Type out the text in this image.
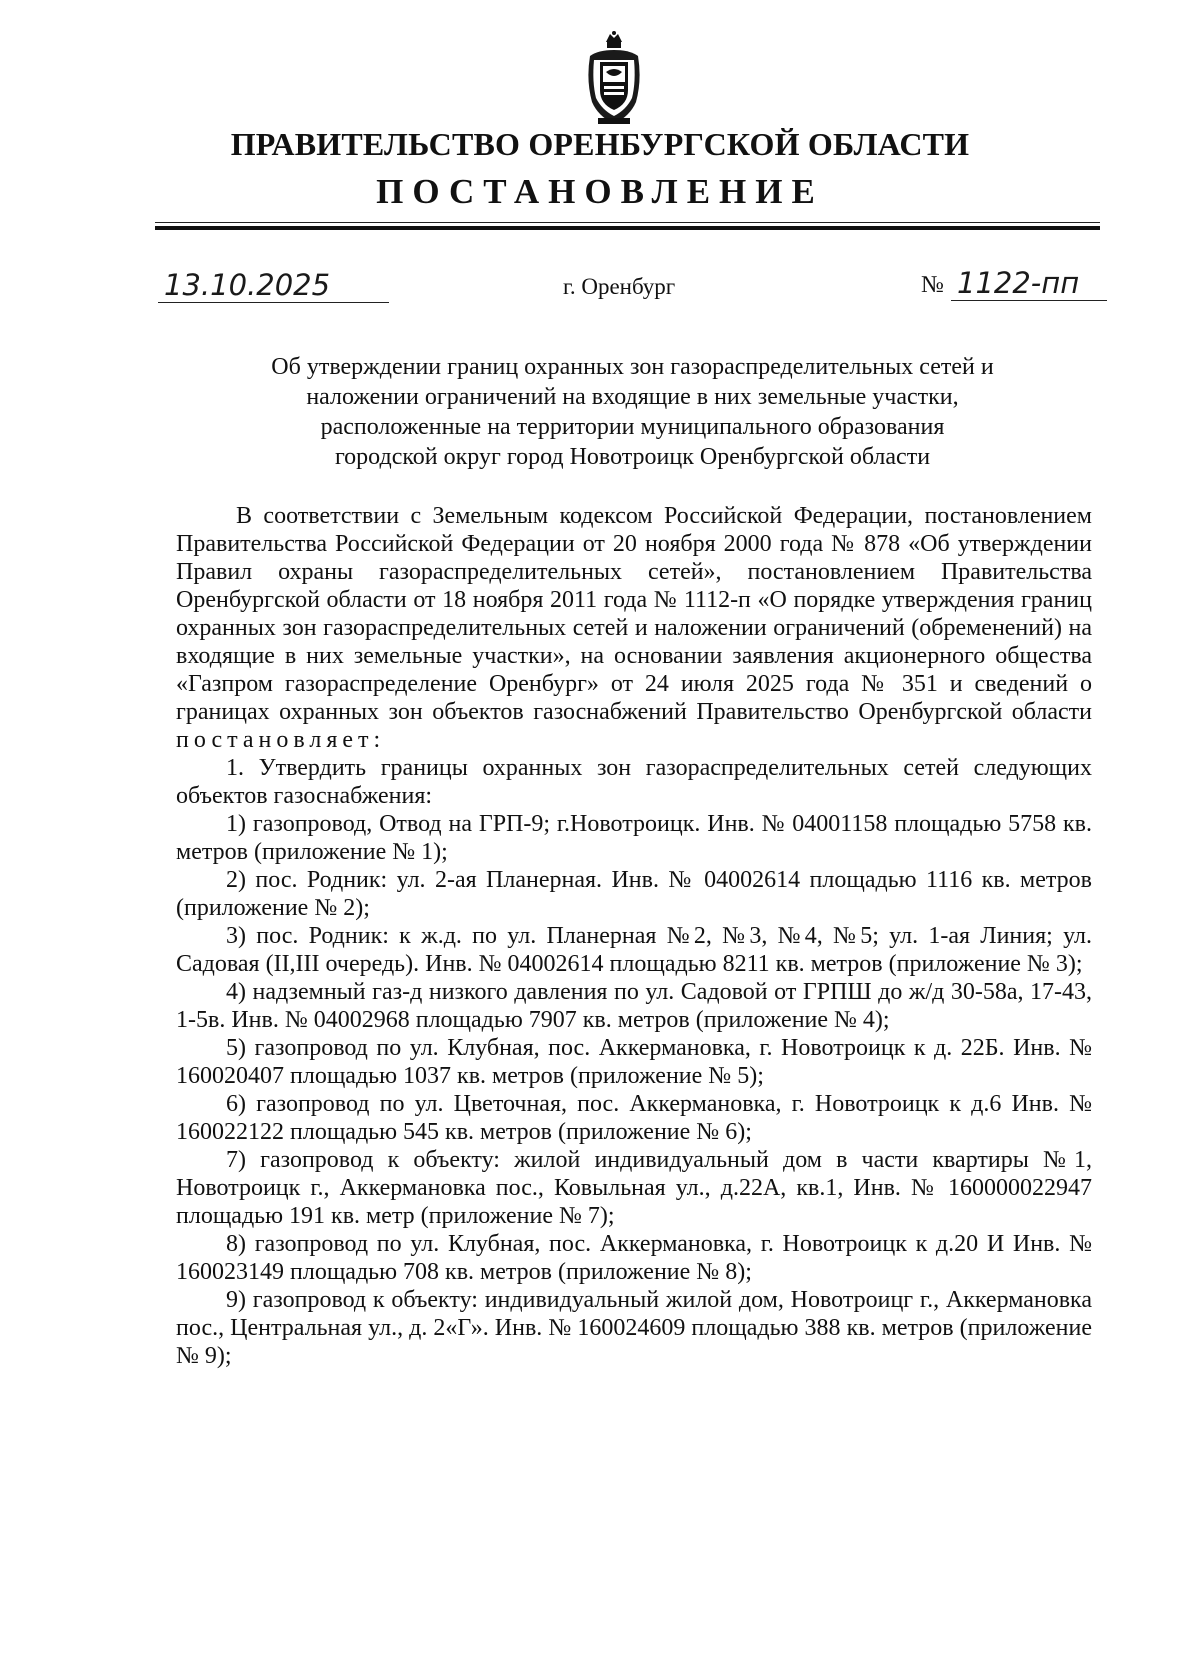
ПРАВИТЕЛЬСТВО ОРЕНБУРГСКОЙ ОБЛАСТИ
ПОСТАНОВЛЕНИЕ
13.10.2025	г. Оренбург	№ 1122-пп
Об утверждении границ охранных зон газораспределительных сетей и
наложении ограничений на входящие в них земельные участки,
расположенные на территории муниципального образования
городской округ город Новотроицк Оренбургской области

В соответствии с Земельным кодексом Российской Федерации, постановлением Правительства Российской Федерации от 20 ноября 2000 года № 878 «Об утверждении Правил охраны газораспределительных сетей», постановлением Правительства Оренбургской области от 18 ноября 2011 года № 1112-п «О порядке утверждения границ охранных зон газораспределительных сетей и наложении ограничений (обременений) на входящие в них земельные участки», на основании заявления акционерного общества «Газпром газораспределение Оренбург» от 24 июля 2025 года № 351 и сведений о границах охранных зон объектов газоснабжений Правительство Оренбургской области постановляет:

1. Утвердить границы охранных зон газораспределительных сетей следующих объектов газоснабжения:

1) газопровод, Отвод на ГРП-9; г.Новотроицк. Инв. № 04001158 площадью 5758 кв. метров (приложение № 1);

2) пос. Родник: ул. 2-ая Планерная. Инв. № 04002614 площадью 1116 кв. метров (приложение № 2);

3) пос. Родник: к ж.д. по ул. Планерная №2, №3, №4, №5; ул. 1-ая Линия; ул. Садовая (II,III очередь). Инв. № 04002614 площадью 8211 кв. метров (приложение № 3);

4) надземный газ-д низкого давления по ул. Садовой от ГРПШ до ж/д 30-58а, 17-43, 1-5в. Инв. № 04002968 площадью 7907 кв. метров (приложение № 4);

5) газопровод по ул. Клубная, пос. Аккермановка, г. Новотроицк к д. 22Б. Инв. № 160020407 площадью 1037 кв. метров (приложение № 5);

6) газопровод по ул. Цветочная, пос. Аккермановка, г. Новотроицк к д.6 Инв. № 160022122 площадью 545 кв. метров (приложение № 6);

7) газопровод к объекту: жилой индивидуальный дом в части квартиры №1, Новотроицк г., Аккермановка пос., Ковыльная ул., д.22А, кв.1, Инв. № 160000022947 площадью 191 кв. метр (приложение № 7);

8) газопровод по ул. Клубная, пос. Аккермановка, г. Новотроицк к д.20 И Инв. № 160023149 площадью 708 кв. метров (приложение № 8);

9) газопровод к объекту: индивидуальный жилой дом, Новотроицг г., Аккермановка пос., Центральная ул., д. 2«Г». Инв. № 160024609 площадью 388 кв. метров (приложение № 9);
